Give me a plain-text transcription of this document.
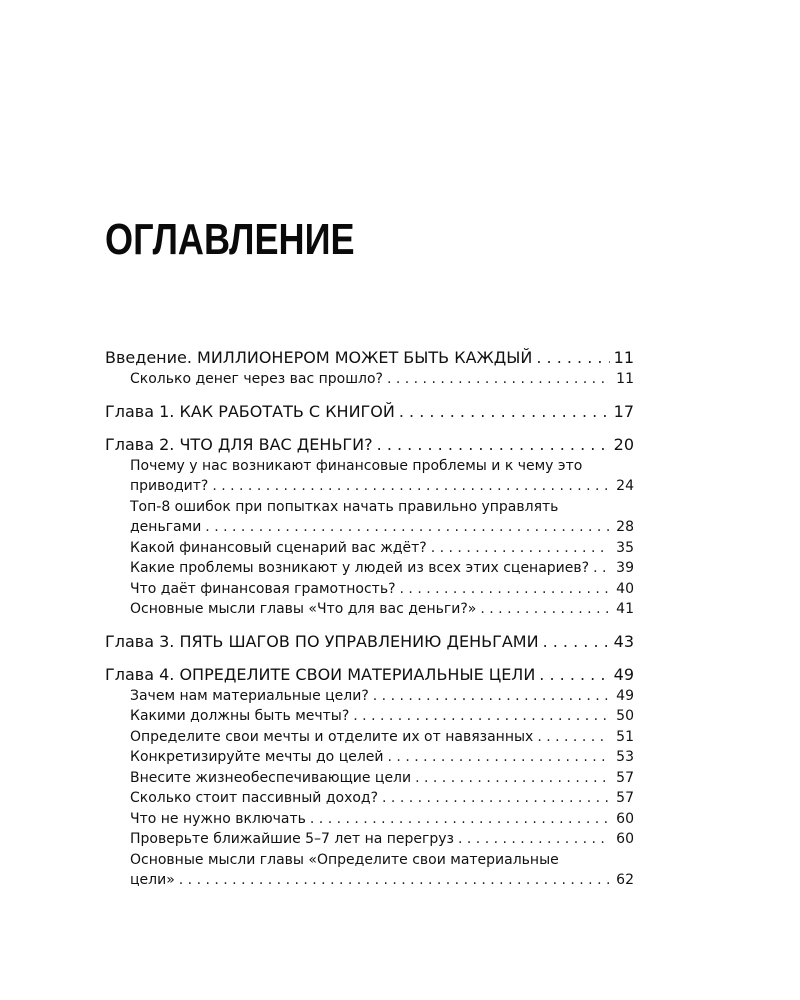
ОГЛАВЛЕНИЕ
Введение. МИЛЛИОНЕРОМ МОЖЕТ БЫТЬ КАЖДЫЙ . . .	11
Сколько денег через вас прошло? . . .	11
Глава 1. КАК РАБОТАТЬ С КНИГОЙ . . .	17
Глава 2. ЧТО ДЛЯ ВАС ДЕНЬГИ? . . .	20
Почему у нас возникают финансовые проблемы и к чему это
приводит? . . .	24
Топ-8 ошибок при попытках начать правильно управлять
деньгами . . .	28
Какой финансовый сценарий вас ждёт? . . .	35
Какие проблемы возникают у людей из всех этих сценариев? . . . 39
Что даёт финансовая грамотность? . . .	40
Основные мысли главы «Что для вас деньги?» . . .	41
Глава 3. ПЯТЬ ШАГОВ ПО УПРАВЛЕНИЮ ДЕНЬГАМИ . . .	43
Глава 4. ОПРЕДЕЛИТЕ СВОИ МАТЕРИАЛЬНЫЕ ЦЕЛИ . . .	49
Зачем нам материальные цели? . . .	49
Какими должны быть мечты? . . .	50
Определите свои мечты и отделите их от навязанных . . .	51
Конкретизируйте мечты до целей . . .	53
Внесите жизнеобеспечивающие цели . . .	57
Сколько стоит пассивный доход? . . .	57
Что не нужно включать . . .	60
Проверьте ближайшие 5–7 лет на перегруз . . .	60
Основные мысли главы «Определите свои материальные
цели» . . .	62
